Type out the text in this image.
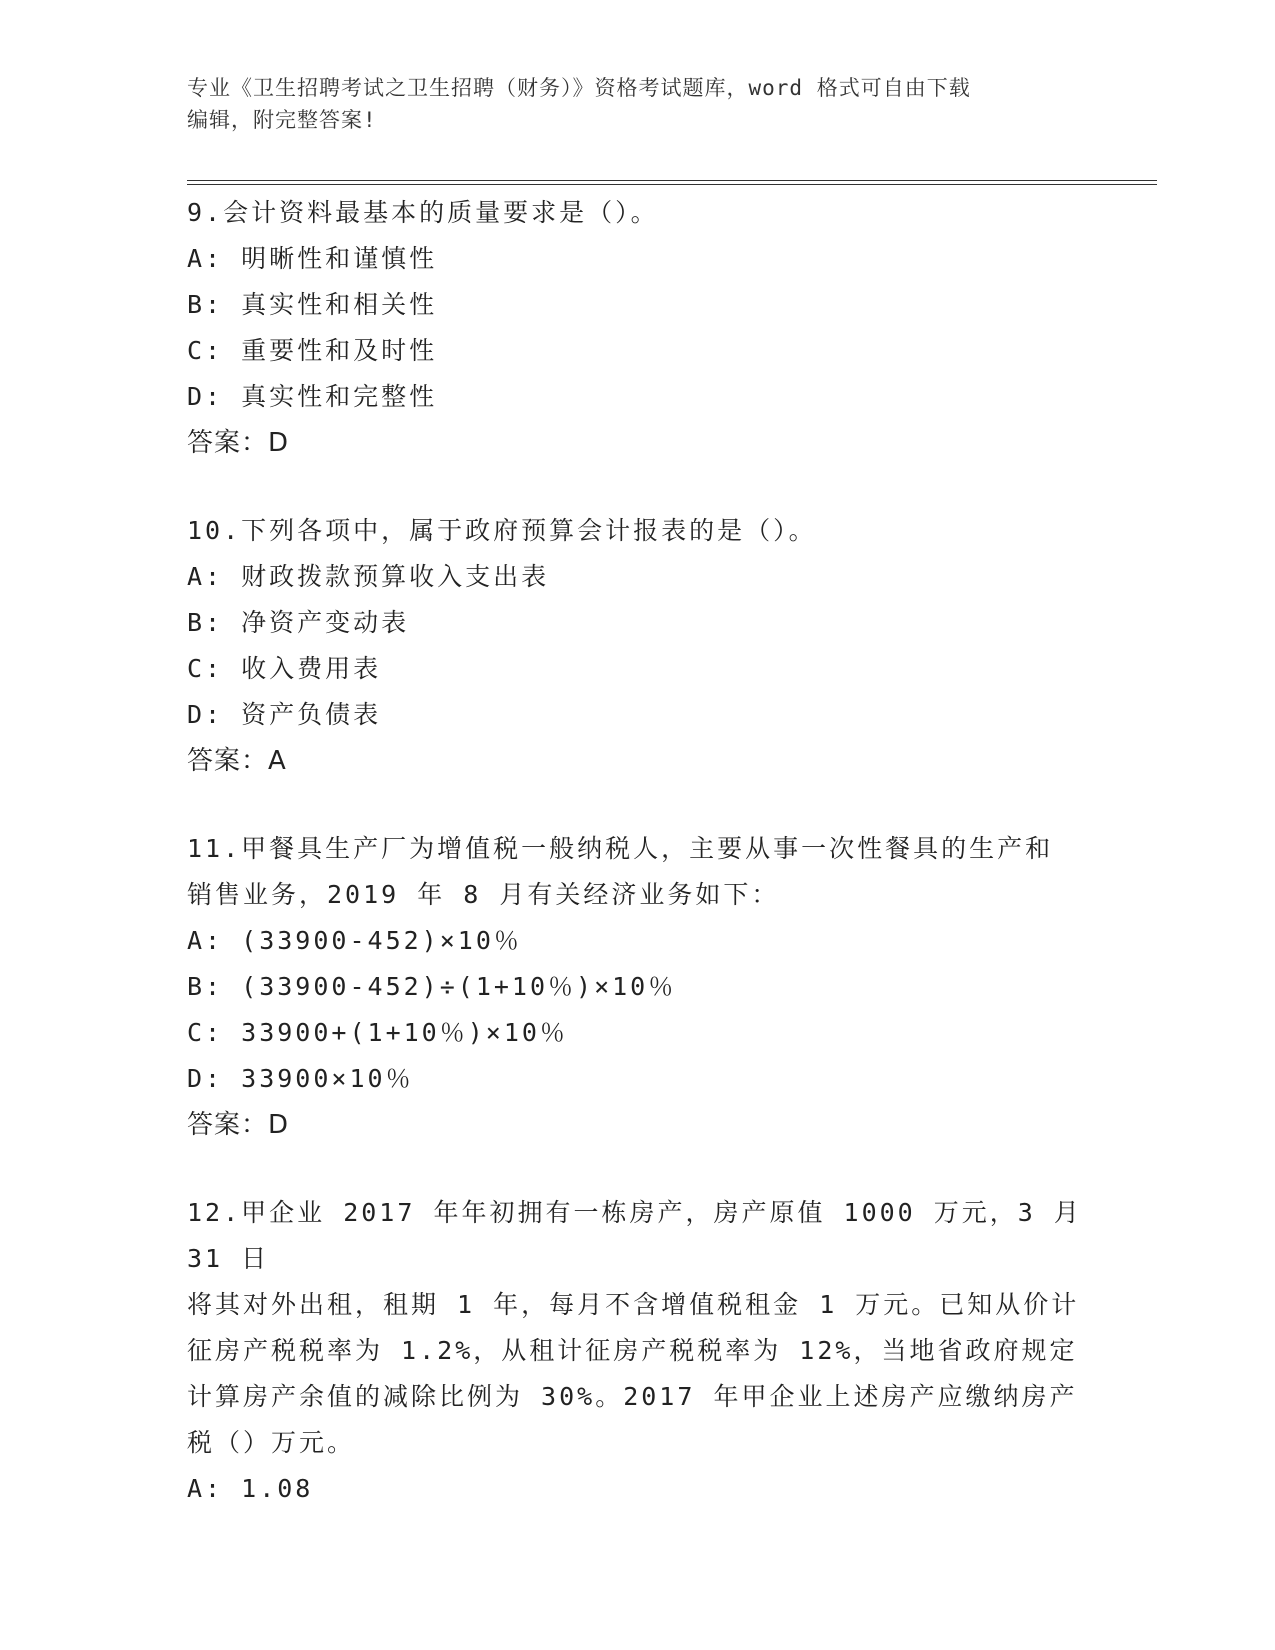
专业《卫生招聘考试之卫生招聘（财务）》资格考试题库，word 格式可自由下载
编辑，附完整答案!
9.会计资料最基本的质量要求是（）。
A: 明晰性和谨慎性
B: 真实性和相关性
C: 重要性和及时性
D: 真实性和完整性
答案：D
10.下列各项中，属于政府预算会计报表的是（）。
A: 财政拨款预算收入支出表
B: 净资产变动表
C: 收入费用表
D: 资产负债表
答案：A
11.甲餐具生产厂为增值税一般纳税人，主要从事一次性餐具的生产和
销售业务，2019 年 8 月有关经济业务如下：
A: (33900-452)×10％
B: (33900-452)÷(1+10％)×10％
C: 33900+(1+10％)×10％
D: 33900×10％
答案：D
12.甲企业 2017 年年初拥有一栋房产，房产原值 1000 万元，3 月 31 日
将其对外出租，租期 1 年，每月不含增值税租金 1 万元。已知从价计
征房产税税率为 1.2%，从租计征房产税税率为 12%，当地省政府规定
计算房产余值的减除比例为 30%。2017 年甲企业上述房产应缴纳房产
税（）万元。
A: 1.08
